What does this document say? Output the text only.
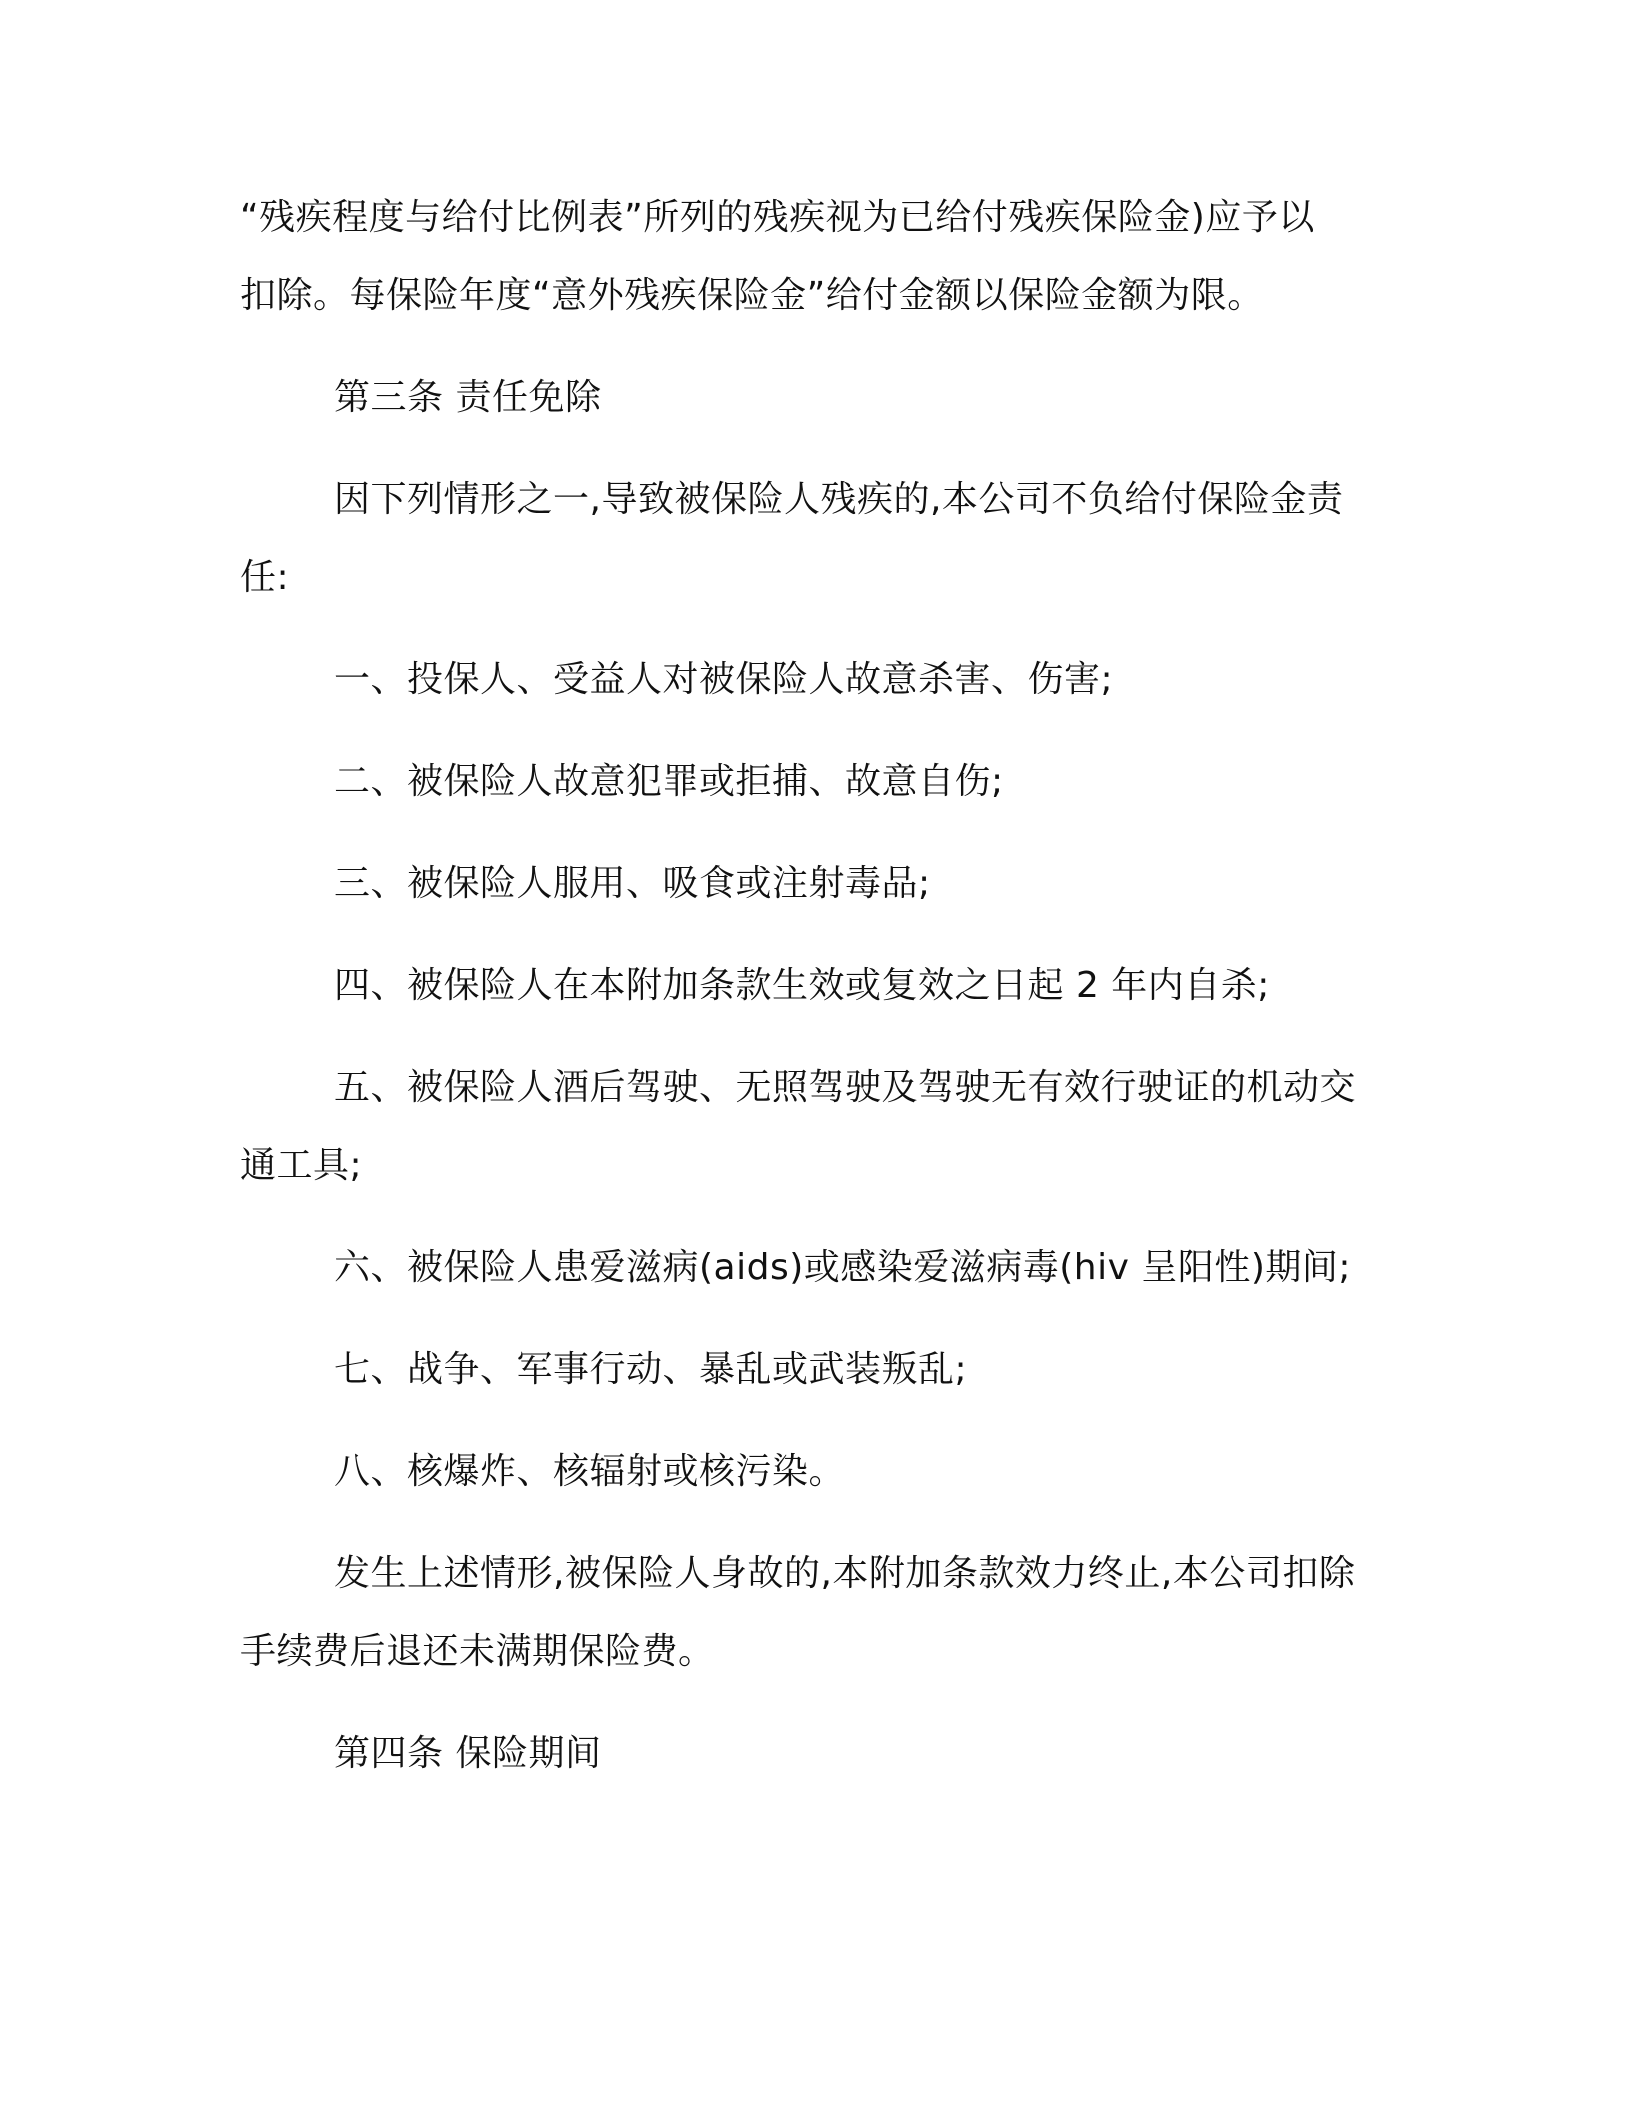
“残疾程度与给付比例表”所列的残疾视为已给付残疾保险金)应予以
扣除。每保险年度“意外残疾保险金”给付金额以保险金额为限。
第三条 责任免除
因下列情形之一,导致被保险人残疾的,本公司不负给付保险金责
任:
一、投保人、受益人对被保险人故意杀害、伤害;
二、被保险人故意犯罪或拒捕、故意自伤;
三、被保险人服用、吸食或注射毒品;
四、被保险人在本附加条款生效或复效之日起 2 年内自杀;
五、被保险人酒后驾驶、无照驾驶及驾驶无有效行驶证的机动交
通工具;
六、被保险人患爱滋病(aids)或感染爱滋病毒(hiv 呈阳性)期间;
七、战争、军事行动、暴乱或武装叛乱;
八、核爆炸、核辐射或核污染。
发生上述情形,被保险人身故的,本附加条款效力终止,本公司扣除
手续费后退还未满期保险费。
第四条 保险期间
